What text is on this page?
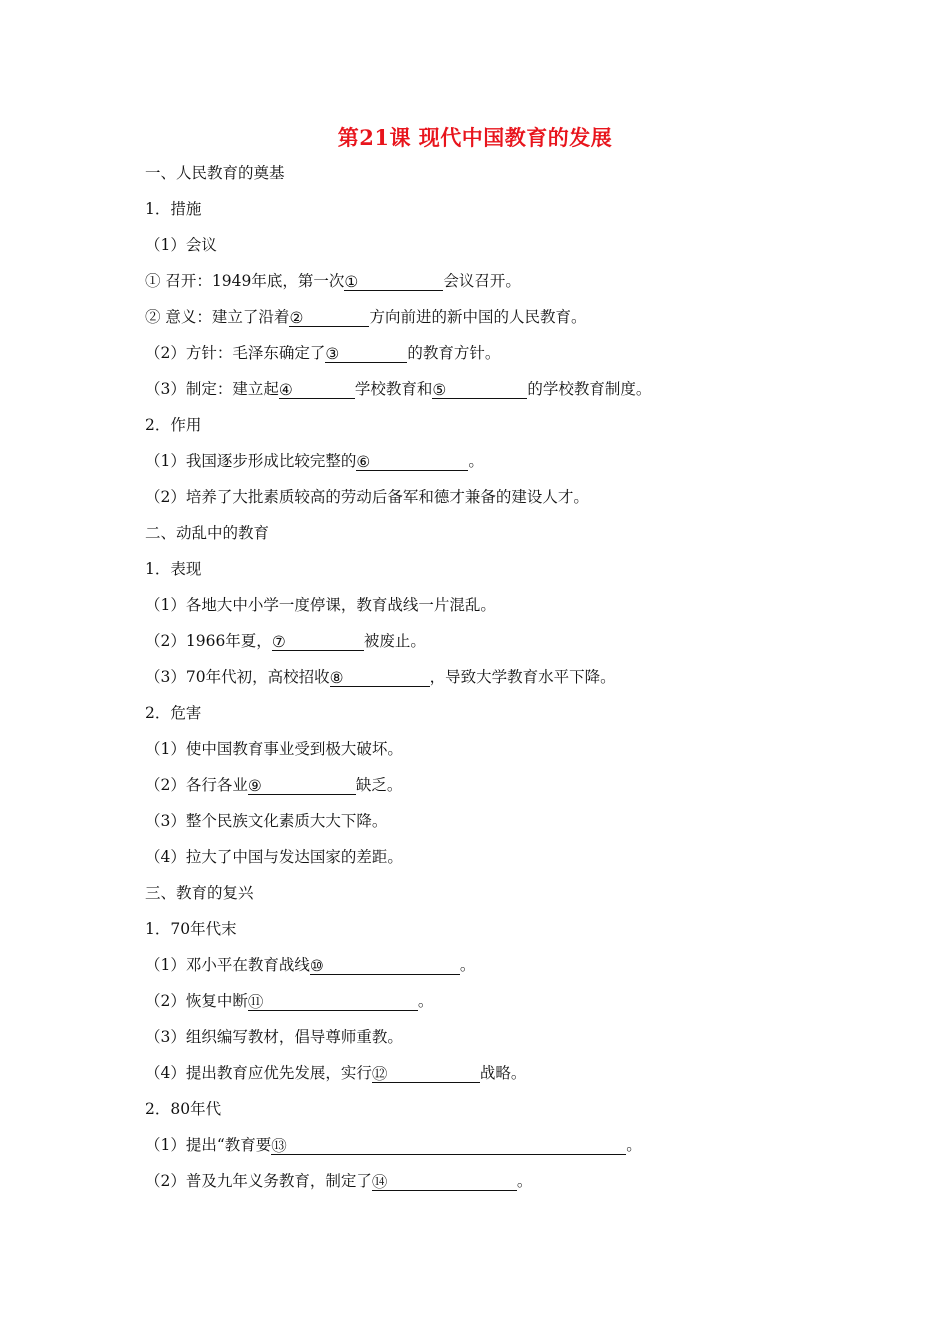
第21课 现代中国教育的发展
一、人民教育的奠基
1．措施
（1）会议
① 召开：1949年底，第一次①	会议召开。
② 意义：建立了沿着②	方向前进的新中国的人民教育。
（2）方针：毛泽东确定了③	的教育方针。
（3）制定：建立起④	学校教育和⑤	的学校教育制度。
2．作用
（1）我国逐步形成比较完整的⑥	。
（2）培养了大批素质较高的劳动后备军和德才兼备的建设人才。
二、动乱中的教育
1．表现
（1）各地大中小学一度停课，教育战线一片混乱。
（2）1966年夏，⑦	被废止。
（3）70年代初，高校招收⑧	，导致大学教育水平下降。
2．危害
（1）使中国教育事业受到极大破坏。
（2）各行各业⑨	缺乏。
（3）整个民族文化素质大大下降。
（4）拉大了中国与发达国家的差距。
三、教育的复兴
1．70年代末
（1）邓小平在教育战线⑩	。
（2）恢复中断⑪	。
（3）组织编写教材，倡导尊师重教。
（4）提出教育应优先发展，实行⑫	战略。
2．80年代
（1）提出“教育要⑬	。
（2）普及九年义务教育，制定了⑭	。
